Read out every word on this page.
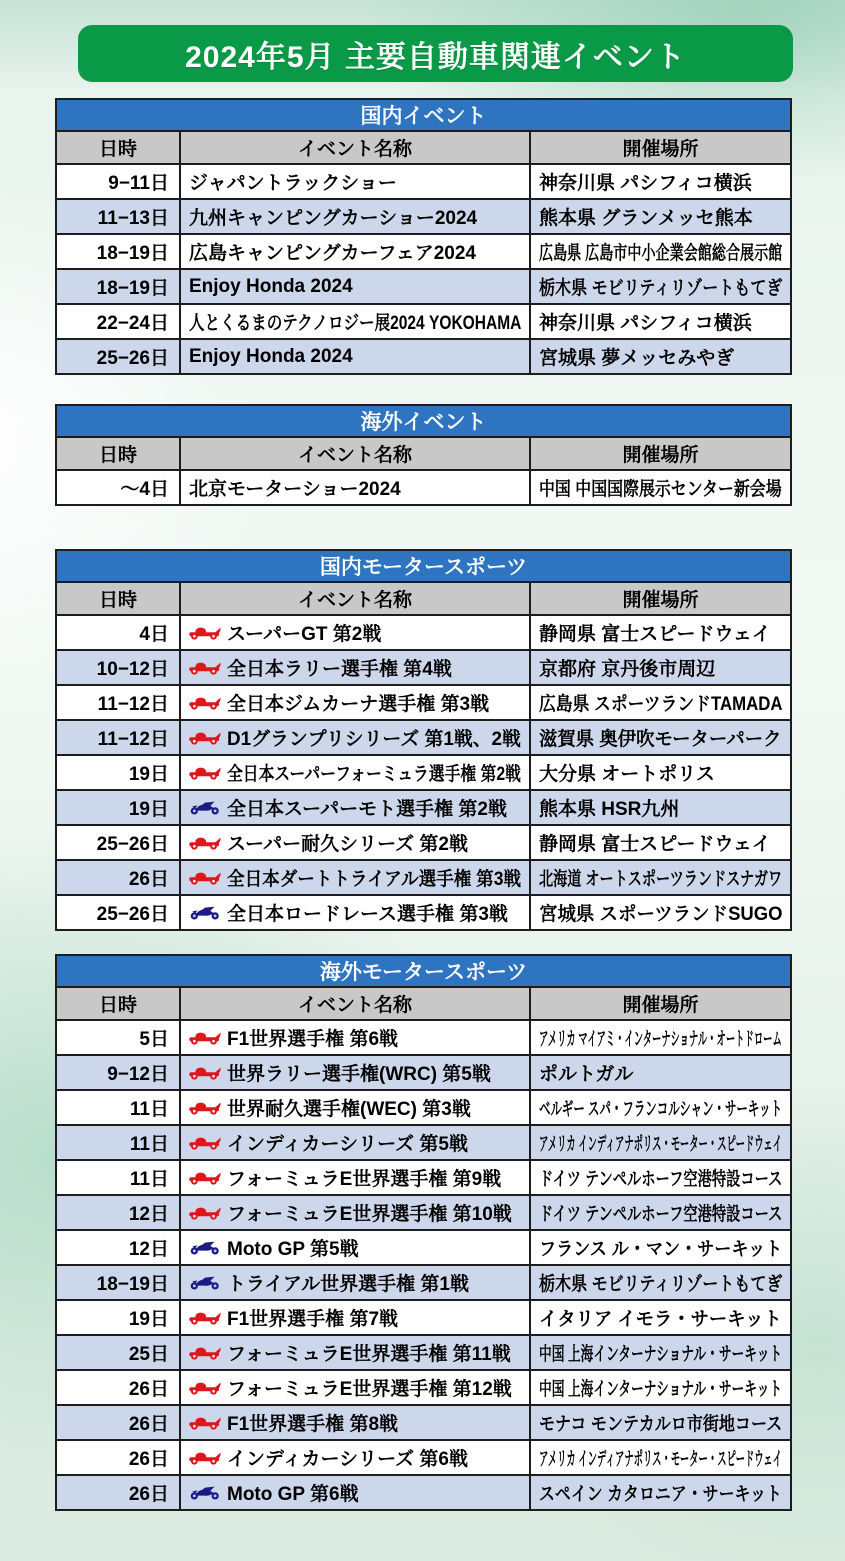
2024年5月 主要自動車関連イベント
国内イベント		
日時	イベント名称	開催場所

9−11日	ジャパントラックショー	神奈川県 パシフィコ横浜

11−13日	九州キャンピングカーショー2024	熊本県 グランメッセ熊本

18−19日	広島キャンピングカーフェア2024	広島県 広島市中小企業会館総合展示館

18−19日	Enjoy Honda 2024	栃木県 モビリティリゾートもてぎ

22−24日	人とくるまのテクノロジー展2024 YOKOHAMA	神奈川県 パシフィコ横浜

25−26日	Enjoy Honda 2024	宮城県 夢メッセみやぎ
海外イベント		
日時	イベント名称	開催場所

～4日	北京モーターショー2024	中国 中国国際展示センター新会場
国内モータースポーツ		
日時	イベント名称	開催場所

4日	スーパーGT 第2戦	静岡県 富士スピードウェイ

10−12日	全日本ラリー選手権 第4戦	京都府 京丹後市周辺

11−12日	全日本ジムカーナ選手権 第3戦	広島県 スポーツランドTAMADA

11−12日	D1グランプリシリーズ 第1戦、2戦	滋賀県 奥伊吹モーターパーク

19日	全日本スーパーフォーミュラ選手権 第2戦	大分県 オートポリス

19日	全日本スーパーモト選手権 第2戦	熊本県 HSR九州

25−26日	スーパー耐久シリーズ 第2戦	静岡県 富士スピードウェイ

26日	全日本ダートトライアル選手権 第3戦	北海道 オートスポーツランドスナガワ

25−26日	全日本ロードレース選手権 第3戦	宮城県 スポーツランドSUGO
海外モータースポーツ		
日時	イベント名称	開催場所

5日	F1世界選手権 第6戦	アメリカ マイアミ・インターナショナル・オートドローム

9−12日	世界ラリー選手権(WRC) 第5戦	ポルトガル

11日	世界耐久選手権(WEC) 第3戦	ベルギー スパ・フランコルシャン・サーキット

11日	インディカーシリーズ 第5戦	アメリカ インディアナポリス・モーター・スピードウェイ

11日	フォーミュラE世界選手権 第9戦	ドイツ テンペルホーフ空港特設コース

12日	フォーミュラE世界選手権 第10戦	ドイツ テンペルホーフ空港特設コース

12日	Moto GP 第5戦	フランス ル・マン・サーキット

18−19日	トライアル世界選手権 第1戦	栃木県 モビリティリゾートもてぎ

19日	F1世界選手権 第7戦	イタリア イモラ・サーキット

25日	フォーミュラE世界選手権 第11戦	中国 上海インターナショナル・サーキット

26日	フォーミュラE世界選手権 第12戦	中国 上海インターナショナル・サーキット

26日	F1世界選手権 第8戦	モナコ モンテカルロ市街地コース

26日	インディカーシリーズ 第6戦	アメリカ インディアナポリス・モーター・スピードウェイ

26日	Moto GP 第6戦	スペイン カタロニア・サーキット
